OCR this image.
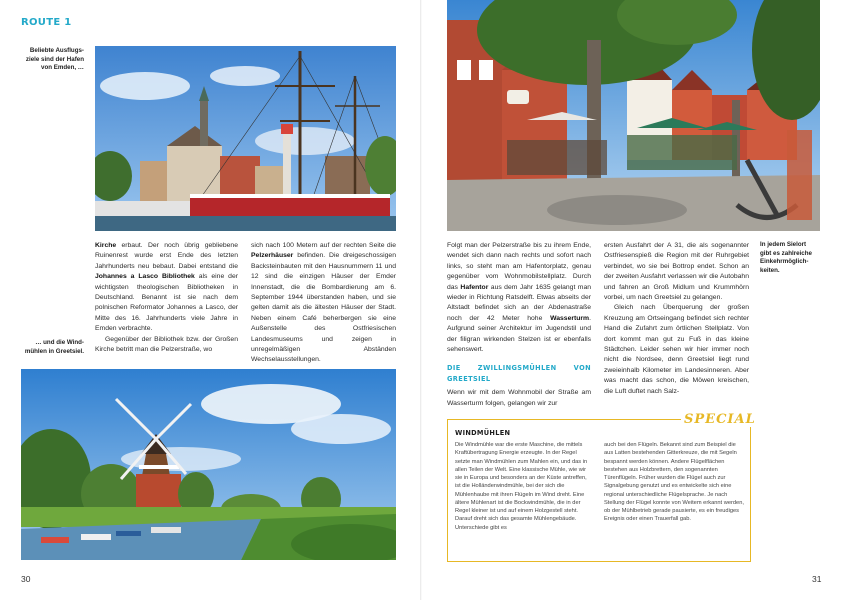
ROUTE 1
Beliebte Ausflugs-
ziele sind der Hafen
von Emden, …
… und die Wind-
mühlen in Greetsiel.

Kirche erbaut. Der noch übrig gebliebene Ruinenrest wurde erst Ende des letzten Jahrhunderts neu bebaut. Dabei entstand die Johannes a Lasco Bibliothek als eine der wichtigsten theologischen Bibliotheken in Deutschland. Benannt ist sie nach dem polnischen Reformator Johannes a Lasco, der Mitte des 16. Jahrhunderts viele Jahre in Emden verbrachte.

Gegenüber der Bibliothek bzw. der Großen Kirche betritt man die Pelzerstraße, wo

sich nach 100 Metern auf der rechten Seite die Pelzerhäuser befinden. Die dreigeschossigen Backsteinbauten mit den Hausnummern 11 und 12 sind die einzigen Häuser der Emder Innenstadt, die die Bombardierung am 6. September 1944 überstanden haben, und sie gelten damit als die ältesten Häuser der Stadt. Neben einem Café beherbergen sie eine Außenstelle des Ostfriesischen Landesmuseums und zeigen in unregelmäßigen Abständen Wechselausstellungen.

30
In jedem Sielort
gibt es zahlreiche
Einkehrmöglich-
keiten.

Folgt man der Pelzerstraße bis zu ihrem Ende, wendet sich dann nach rechts und sofort nach links, so steht man am Hafentorplatz, genau gegenüber vom Wohnmobilstellplatz. Durch das Hafentor aus dem Jahr 1635 gelangt man wieder in Richtung Ratsdelft. Etwas abseits der Altstadt befindet sich an der Abdenastraße noch der 42 Meter hohe Wasserturm. Aufgrund seiner Architektur im Jugendstil und der filigran wirkenden Stelzen ist er ebenfalls sehenswert.

DIE ZWILLINGSMÜHLEN VON GREETSIEL

Wenn wir mit dem Wohnmobil der Straße am Wasserturm folgen, gelangen wir zur

ersten Ausfahrt der A 31, die als sogenannter Ostfriesenspieß die Region mit der Ruhrgebiet verbindet, wo sie bei Bottrop endet. Schon an der zweiten Ausfahrt verlassen wir die Autobahn und fahren an Groß Midlum und Krummhörn vorbei, um nach Greetsiel zu gelangen.

Gleich nach Überquerung der großen Kreuzung am Ortseingang befindet sich rechter Hand die Zufahrt zum örtlichen Stellplatz. Von dort kommt man gut zu Fuß in das kleine Städtchen. Leider sehen wir hier immer noch nicht die Nordsee, denn Greetsiel liegt rund zweieinhalb Kilometer im Landesinneren. Aber was macht das schon, die Möwen kreischen, die Luft duftet nach Salz-

SPECIAL
WINDMÜHLEN
Die Windmühle war die erste Maschine, die mittels Kraftübertragung Energie erzeugte. In der Regel setzte man Windmühlen zum Mahlen ein, und das in allen Teilen der Welt. Eine klassische Mühle, wie wir sie in Europa und besonders an der Küste antreffen, ist die Holländerwindmühle, bei der sich die Mühlenhaube mit ihren Flügeln im Wind dreht. Eine ältere Mühlenart ist die Bockwindmühle, die in der Regel kleiner ist und auf einem Holzgestell steht. Darauf dreht sich das gesamte Mühlengebäude. Unterschiede gibt es
auch bei den Flügeln. Bekannt sind zum Beispiel die aus Latten bestehenden Gitterkreuze, die mit Segeln bespannt werden können. Andere Flügelflächen bestehen aus Holzbrettern, den sogenannten Türenflügeln. Früher wurden die Flügel auch zur Signalgebung genutzt und es entwickelte sich eine regional unterschiedliche Flügelsprache. Je nach Stellung der Flügel konnte von Weitem erkannt werden, ob der Mühlbetrieb gerade pausierte, es ein freudiges Ereignis oder einen Trauerfall gab.
31
